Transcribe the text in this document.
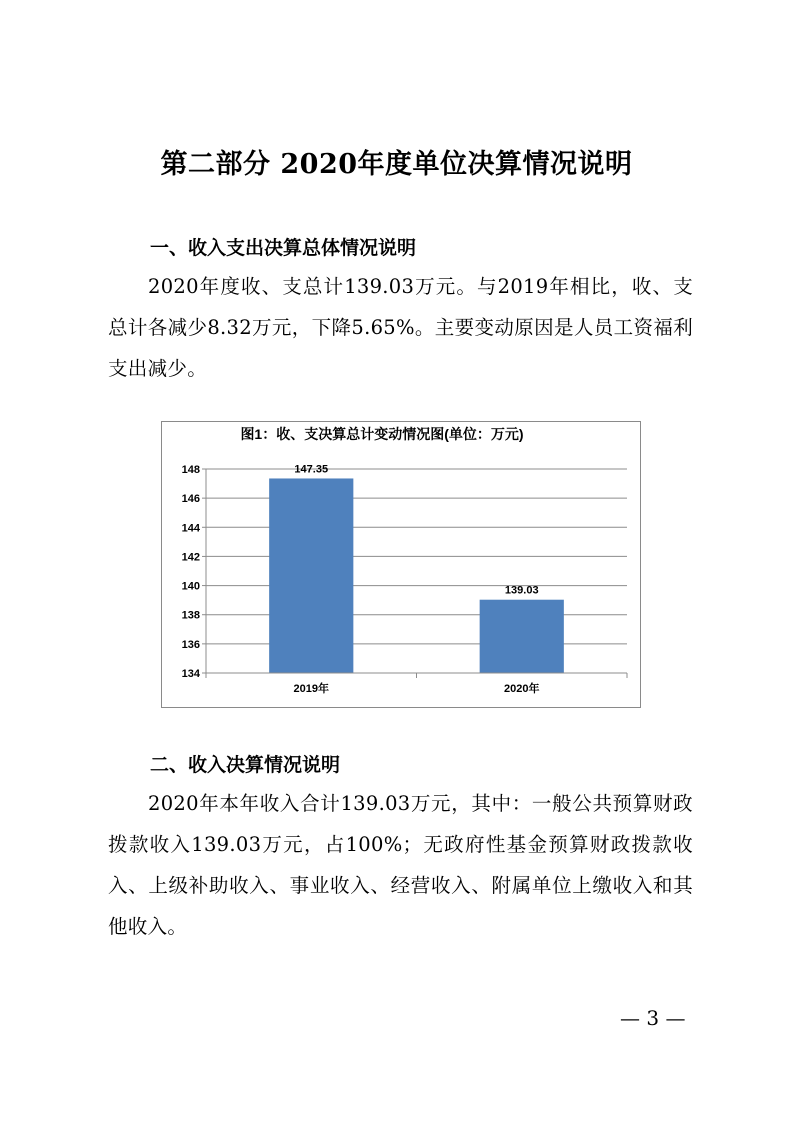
第二部分 2020年度单位决算情况说明
一、收入支出决算总体情况说明
2020年度收、支总计139.03万元。与2019年相比，收、支总计各减少8.32万元，下降5.65%。主要变动原因是人员工资福利支出减少。
图1：收、支决算总计变动情况图(单位：万元)
134
136
138
140
142
144
146
148	147.35
2019年
139.03
2020年
二、收入决算情况说明
2020年本年收入合计139.03万元，其中：一般公共预算财政拨款收入139.03万元，占100%；无政府性基金预算财政拨款收入、上级补助收入、事业收入、经营收入、附属单位上缴收入和其他收入。
— 3 —
